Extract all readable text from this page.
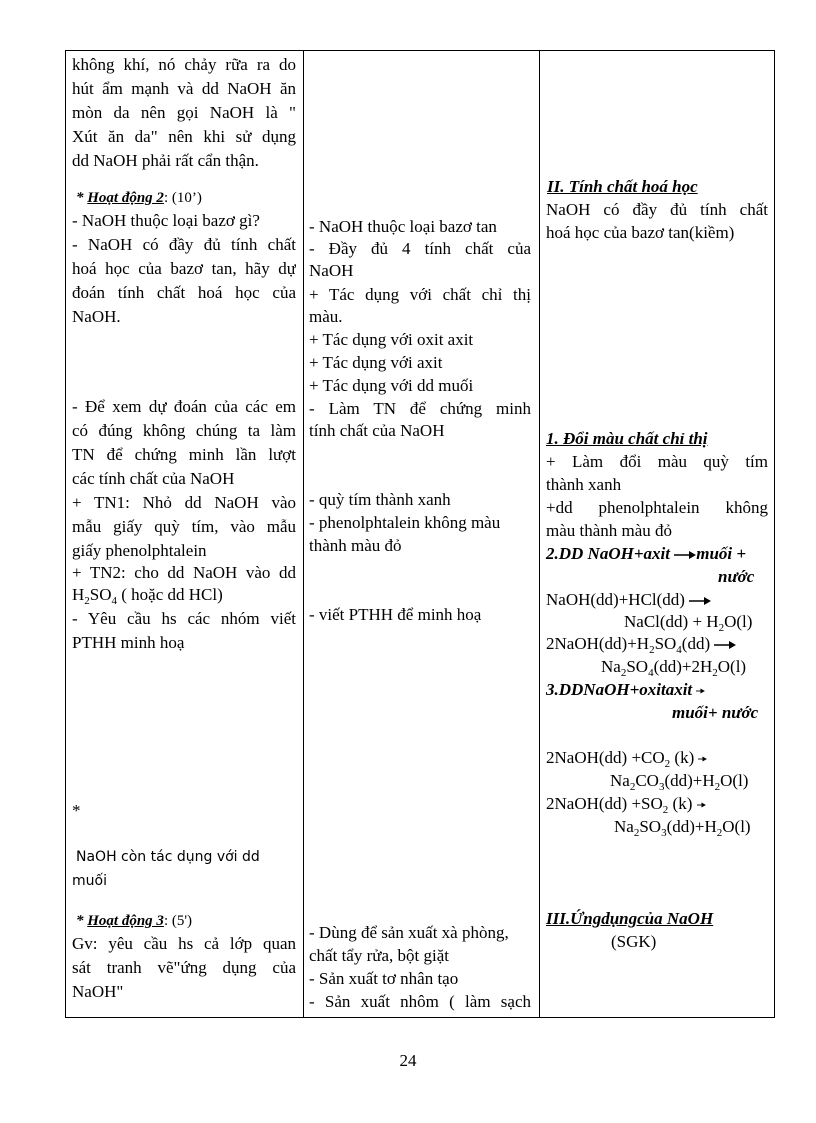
không khí, nó chảy rữa ra do
hút ẩm mạnh và dd NaOH ăn
mòn da nên gọi NaOH là "
Xút ăn da" nên khi sử dụng
dd NaOH phải rất cẩn thận.
* Hoạt động 2: (10’)
- NaOH thuộc loại bazơ gì?
- NaOH có đầy đủ tính chất
hoá học của bazơ tan, hãy dự
đoán tính chất hoá học của
NaOH.
- Để xem dự đoán của các em
có đúng không chúng ta làm
TN để chứng minh lần lượt
các tính chất của NaOH
+ TN1: Nhỏ dd NaOH vào
mẫu giấy quỳ tím, vào mẫu
giấy phenolphtalein
+ TN2: cho dd NaOH vào dd
$H_2SO_4$ ( hoặc dd HCl)
- Yêu cầu hs các nhóm viết
PTHH minh hoạ
*
NaOH còn tác dụng với dd
muối
* Hoạt động 3: (5')
Gv: yêu cầu hs cả lớp quan
sát tranh vẽ"ứng dụng của
NaOH"
- NaOH thuộc loại bazơ tan
- Đầy đủ 4 tính chất của
NaOH
+ Tác dụng với chất chỉ thị
màu.
+ Tác dụng với oxit axit
+ Tác dụng với axit
+ Tác dụng với dd muối
- Làm TN để chứng minh
tính chất của NaOH
- quỳ tím thành xanh
- phenolphtalein không màu
thành màu đỏ
- viết PTHH để minh hoạ
- Dùng để sản xuất xà phòng,
chất tẩy rửa, bột giặt
- Sản xuất tơ nhân tạo
- Sản xuất nhôm ( làm sạch
II. Tính chất hoá học
NaOH có đầy đủ tính chất
hoá học của bazơ tan(kiềm)
1. Đổi màu chất chỉ thị
+ Làm đổi màu quỳ tím
thành xanh
+dd phenolphtalein không
màu thành màu đỏ
2.DD NaOH+axit muối +
nước
NaOH(dd)+HCl(dd)
NaCl(dd) + $H_2O(l)$
$2NaOH(dd)+H_2SO_4(dd)$
$Na_2SO_4(dd)+2H_2O(l)$
3.DDNaOH+oxitaxit
muối+ nước
2NaOH(dd) $+CO_2$ (k)
$Na_2CO_3(dd)+H_2O(l)$
2NaOH(dd) $+SO_2$ (k)
$Na_2SO_3(dd)+H_2O(l)$
III.Ứngdụngcủa NaOH
(SGK)
24
